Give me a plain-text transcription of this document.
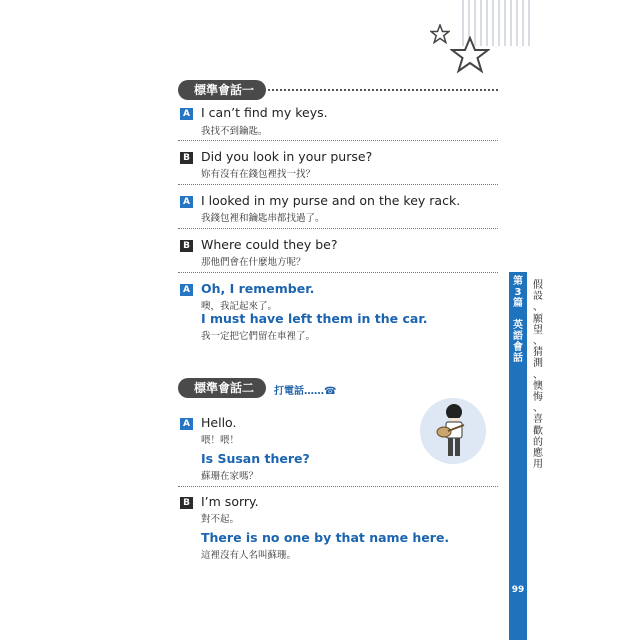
標準會話一
A I can’t find my keys.
我找不到鑰匙。
B Did you look in your purse?
妳有沒有在錢包裡找一找？
A I looked in my purse and on the key rack.
我錢包裡和鑰匙串都找過了。
B Where could they be?
那他們會在什麼地方呢？
A Oh, I remember.
噢，我記起來了。
I must have left them in the car.
我一定把它們留在車裡了。
標準會話二	打電話……☎
A Hello.
喂！喂！
Is Susan there?
蘇珊在家嗎？
B I’m sorry.
對不起。
There is no one by that name here.
這裡沒有人名叫蘇珊。
第
3
篇

英
語
會
話
假
設
、
願
望
、
猜
測
、
懊
悔
、
喜
歡
的
應
用
99
